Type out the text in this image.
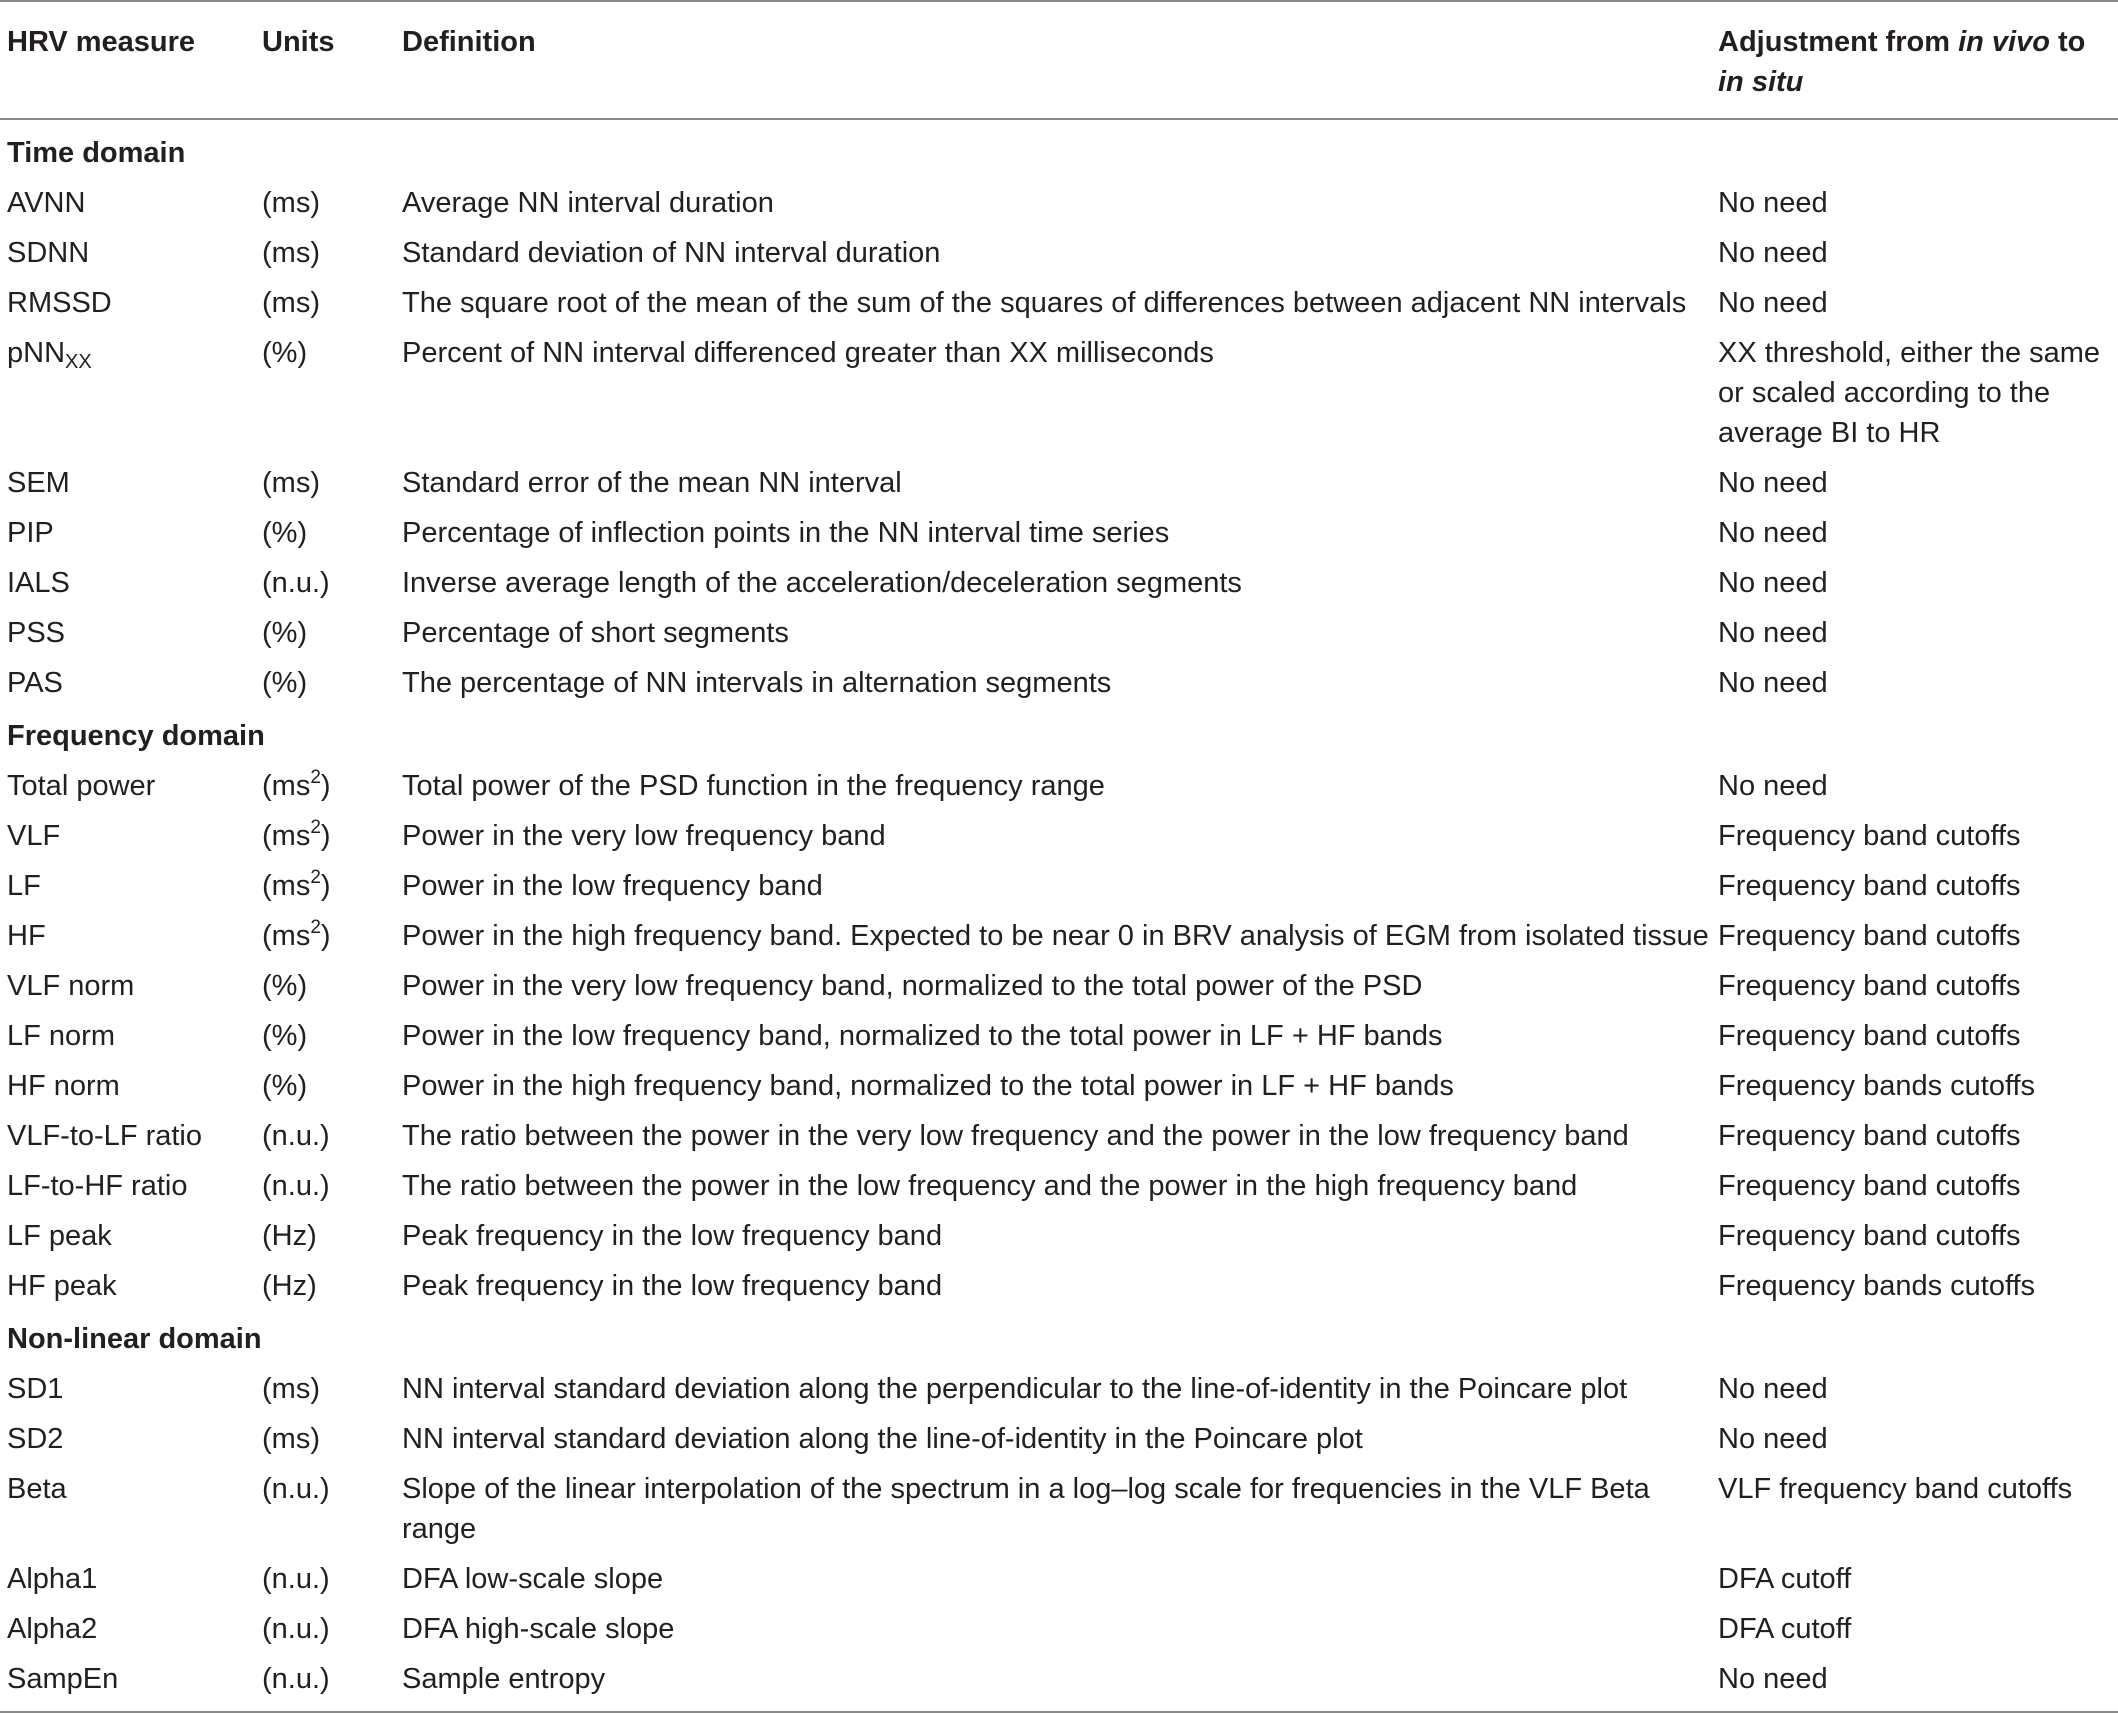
HRV measure	Units	Definition	Adjustment from in vivo to in situ
Time domain			
AVNN	(ms)	Average NN interval duration	No need
SDNN	(ms)	Standard deviation of NN interval duration	No need
RMSSD	(ms)	The square root of the mean of the sum of the squares of differences between adjacent NN intervals	No need
pNN$_{XX}$	(%)	Percent of NN interval differenced greater than XX milliseconds	XX threshold, either the same or scaled according to the average BI to HR
SEM	(ms)	Standard error of the mean NN interval	No need
PIP	(%)	Percentage of inflection points in the NN interval time series	No need
IALS	(n.u.)	Inverse average length of the acceleration/deceleration segments	No need
PSS	(%)	Percentage of short segments	No need
PAS	(%)	The percentage of NN intervals in alternation segments	No need
Frequency domain			
Total power	$(ms^2)$	Total power of the PSD function in the frequency range	No need
VLF	$(ms^2)$	Power in the very low frequency band	Frequency band cutoffs
LF	$(ms^2)$	Power in the low frequency band	Frequency band cutoffs
HF	$(ms^2)$	Power in the high frequency band. Expected to be near 0 in BRV analysis of EGM from isolated tissue	Frequency band cutoffs
VLF norm	(%)	Power in the very low frequency band, normalized to the total power of the PSD	Frequency band cutoffs
LF norm	(%)	Power in the low frequency band, normalized to the total power in LF + HF bands	Frequency band cutoffs
HF norm	(%)	Power in the high frequency band, normalized to the total power in LF + HF bands	Frequency bands cutoffs
VLF-to-LF ratio	(n.u.)	The ratio between the power in the very low frequency and the power in the low frequency band	Frequency band cutoffs
LF-to-HF ratio	(n.u.)	The ratio between the power in the low frequency and the power in the high frequency band	Frequency band cutoffs
LF peak	(Hz)	Peak frequency in the low frequency band	Frequency band cutoffs
HF peak	(Hz)	Peak frequency in the low frequency band	Frequency bands cutoffs
Non-linear domain			
SD1	(ms)	NN interval standard deviation along the perpendicular to the line-of-identity in the Poincare plot	No need
SD2	(ms)	NN interval standard deviation along the line-of-identity in the Poincare plot	No need
Beta	(n.u.)	Slope of the linear interpolation of the spectrum in a log–log scale for frequencies in the VLF Beta range	VLF frequency band cutoffs
Alpha1	(n.u.)	DFA low-scale slope	DFA cutoff
Alpha2	(n.u.)	DFA high-scale slope	DFA cutoff
SampEn	(n.u.)	Sample entropy	No need
